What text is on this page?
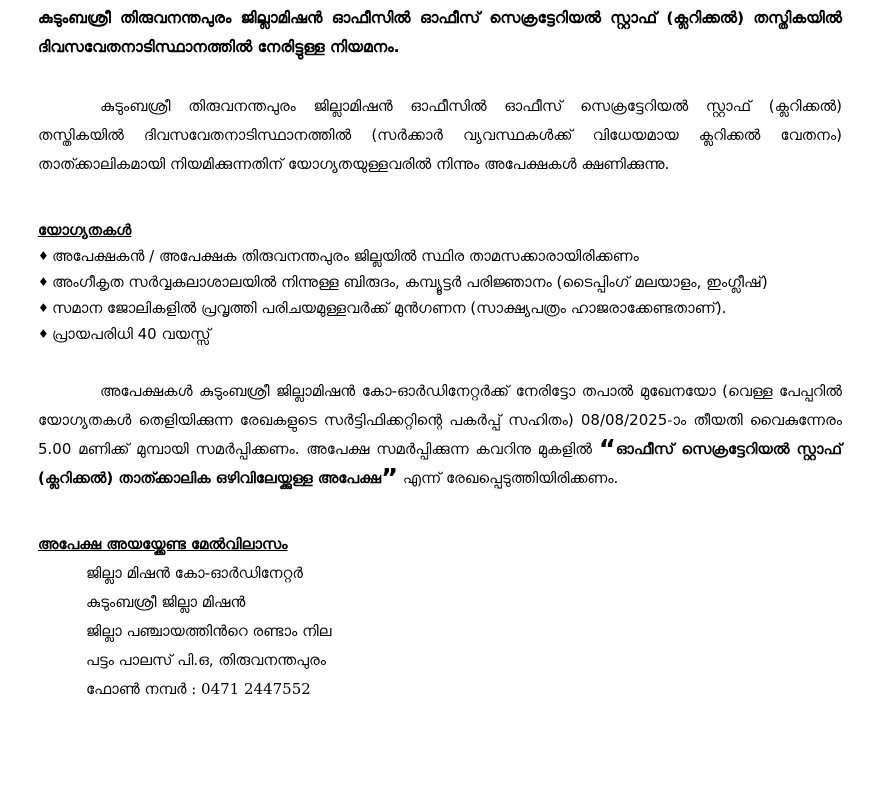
കുടുംബശ്രീ തിരുവനന്തപുരം ജില്ലാമിഷൻ ഓഫീസിൽ ഓഫീസ് സെക്രട്ടേറിയൽ സ്റ്റാഫ് (ക്ലറിക്കൽ) തസ്തികയിൽ ദിവസവേതനാടിസ്ഥാനത്തിൽ നേരിട്ടുള്ള നിയമനം.

കുടുംബശ്രീ തിരുവനന്തപുരം ജില്ലാമിഷൻ ഓഫീസിൽ ഓഫീസ് സെക്രട്ടേറിയൽ സ്റ്റാഫ് (ക്ലറിക്കൽ) തസ്തികയിൽ ദിവസവേതനാടിസ്ഥാനത്തിൽ (സർക്കാർ വ്യവസ്ഥകൾക്ക് വിധേയമായ ക്ലറിക്കൽ വേതനം) താത്ക്കാലികമായി നിയമിക്കുന്നതിന് യോഗ്യതയുള്ളവരിൽ നിന്നും അപേക്ഷകൾ ക്ഷണിക്കുന്നു.

യോഗ്യതകൾ

♦ അപേക്ഷകൻ / അപേക്ഷക തിരുവനന്തപുരം ജില്ലയിൽ സ്ഥിര താമസക്കാരായിരിക്കണം
♦ അംഗീകൃത സർവ്വകലാശാലയിൽ നിന്നുള്ള ബിരുദം, കമ്പ്യൂട്ടർ പരിജ്ഞാനം (ടൈപ്പിംഗ് മലയാളം, ഇംഗ്ലീഷ്)
♦ സമാന ജോലികളിൽ പ്രവൃത്തി പരിചയമുള്ളവർക്ക് മുൻഗണന (സാക്ഷ്യപത്രം ഹാജരാക്കേണ്ടതാണ്).
♦ പ്രായപരിധി 40 വയസ്സ്

അപേക്ഷകൾ കുടുംബശ്രീ ജില്ലാമിഷൻ കോ-ഓർഡിനേറ്റർക്ക് നേരിട്ടോ തപാൽ മുഖേനയോ (വെള്ള പേപ്പറിൽ യോഗ്യതകൾ തെളിയിക്കുന്ന രേഖകളുടെ സർട്ടിഫിക്കറ്റിന്റെ പകർപ്പ് സഹിതം) 08/08/2025-ാം തീയതി വൈകുന്നേരം 5.00 മണിക്ക് മുമ്പായി സമർപ്പിക്കണം. അപേക്ഷ സമർപ്പിക്കുന്ന കവറിനു മുകളിൽ “ഓഫീസ് സെക്രട്ടേറിയൽ സ്റ്റാഫ് (ക്ലറിക്കൽ) താത്ക്കാലിക ഒഴിവിലേയ്ക്കുള്ള അപേക്ഷ” എന്ന് രേഖപ്പെടുത്തിയിരിക്കണം.

അപേക്ഷ അയയ്ക്കേണ്ട മേൽവിലാസം

ജില്ലാ മിഷൻ കോ-ഓർഡിനേറ്റർ
കുടുംബശ്രീ ജില്ലാ മിഷൻ
ജില്ലാ പഞ്ചായത്തിൻറെ രണ്ടാം നില
പട്ടം പാലസ് പി.ഒ, തിരുവനന്തപുരം
ഫോൺ നമ്പർ : 0471 2447552
